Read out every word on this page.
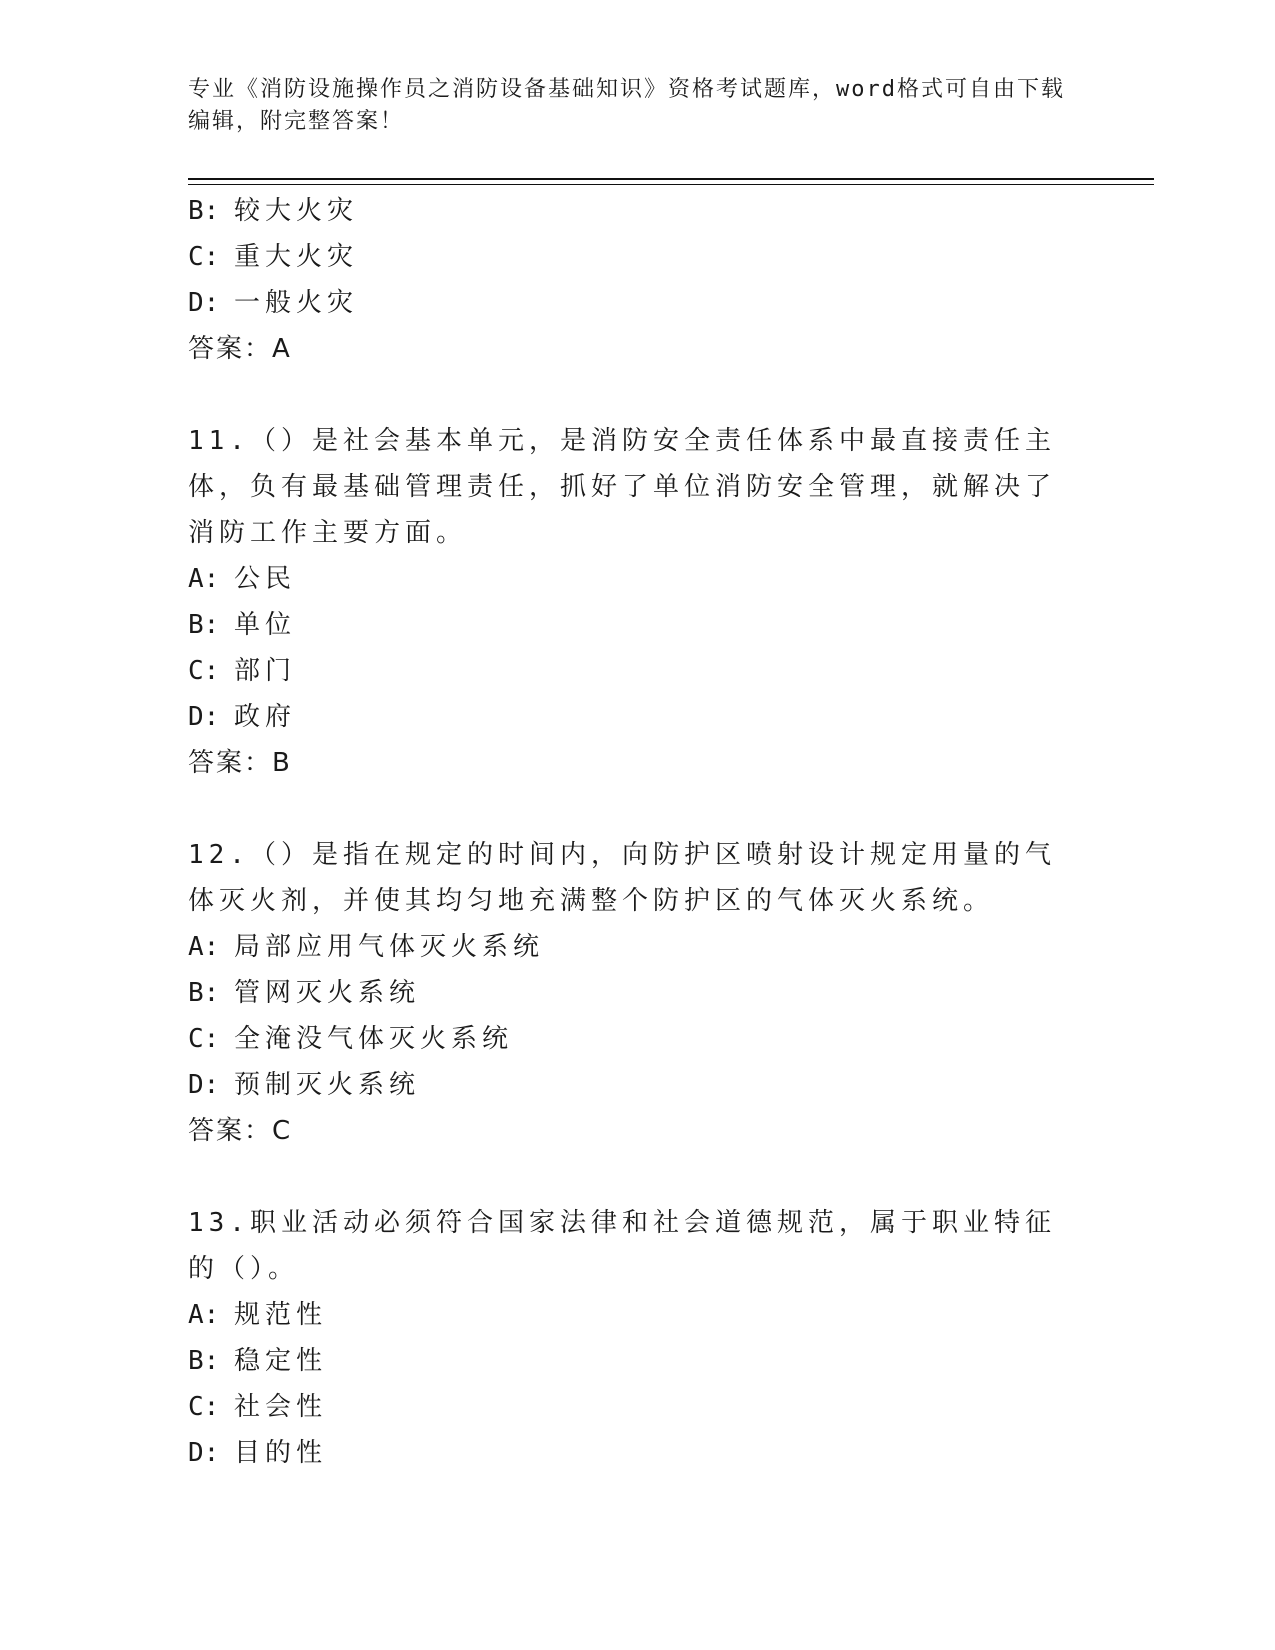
专业《消防设施操作员之消防设备基础知识》资格考试题库，word格式可自由下载编辑，附完整答案！
B: 较大火灾
C: 重大火灾
D: 一般火灾
答案：A
11.（）是社会基本单元，是消防安全责任体系中最直接责任主体，负有最基础管理责任，抓好了单位消防安全管理，就解决了消防工作主要方面。
A: 公民
B: 单位
C: 部门
D: 政府
答案：B
12.（）是指在规定的时间内，向防护区喷射设计规定用量的气体灭火剂，并使其均匀地充满整个防护区的气体灭火系统。
A: 局部应用气体灭火系统
B: 管网灭火系统
C: 全淹没气体灭火系统
D: 预制灭火系统
答案：C
13.职业活动必须符合国家法律和社会道德规范，属于职业特征的（）。
A: 规范性
B: 稳定性
C: 社会性
D: 目的性
